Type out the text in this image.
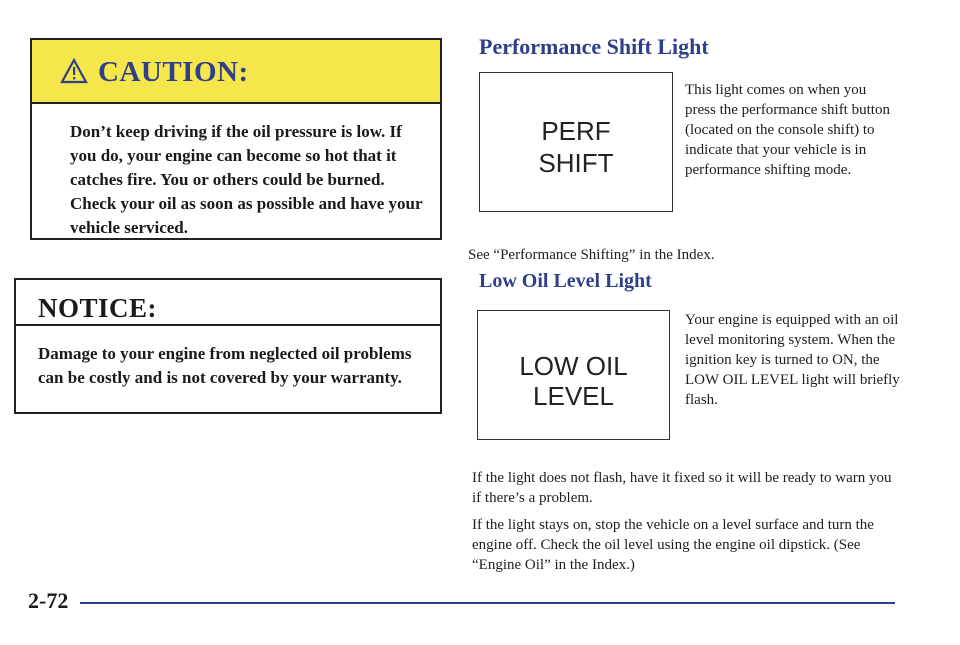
CAUTION:
Don’t keep driving if the oil pressure is low. If you do, your engine can become so hot that it catches fire. You or others could be burned. Check your oil as soon as possible and have your vehicle serviced.
NOTICE:
Damage to your engine from neglected oil problems can be costly and is not covered by your warranty.
Performance Shift Light
PERF
SHIFT
This light comes on when you press the performance shift button (located on the console shift) to indicate that your vehicle is in performance shifting mode.
See “Performance Shifting” in the Index.
Low Oil Level Light
LOW OIL
LEVEL
Your engine is equipped with an oil level monitoring system. When the ignition key is turned to ON, the LOW OIL LEVEL light will briefly flash.
If the light does not flash, have it fixed so it will be ready to warn you if there’s a problem.
If the light stays on, stop the vehicle on a level surface and turn the engine off. Check the oil level using the engine oil dipstick. (See “Engine Oil” in the Index.)
2-72
